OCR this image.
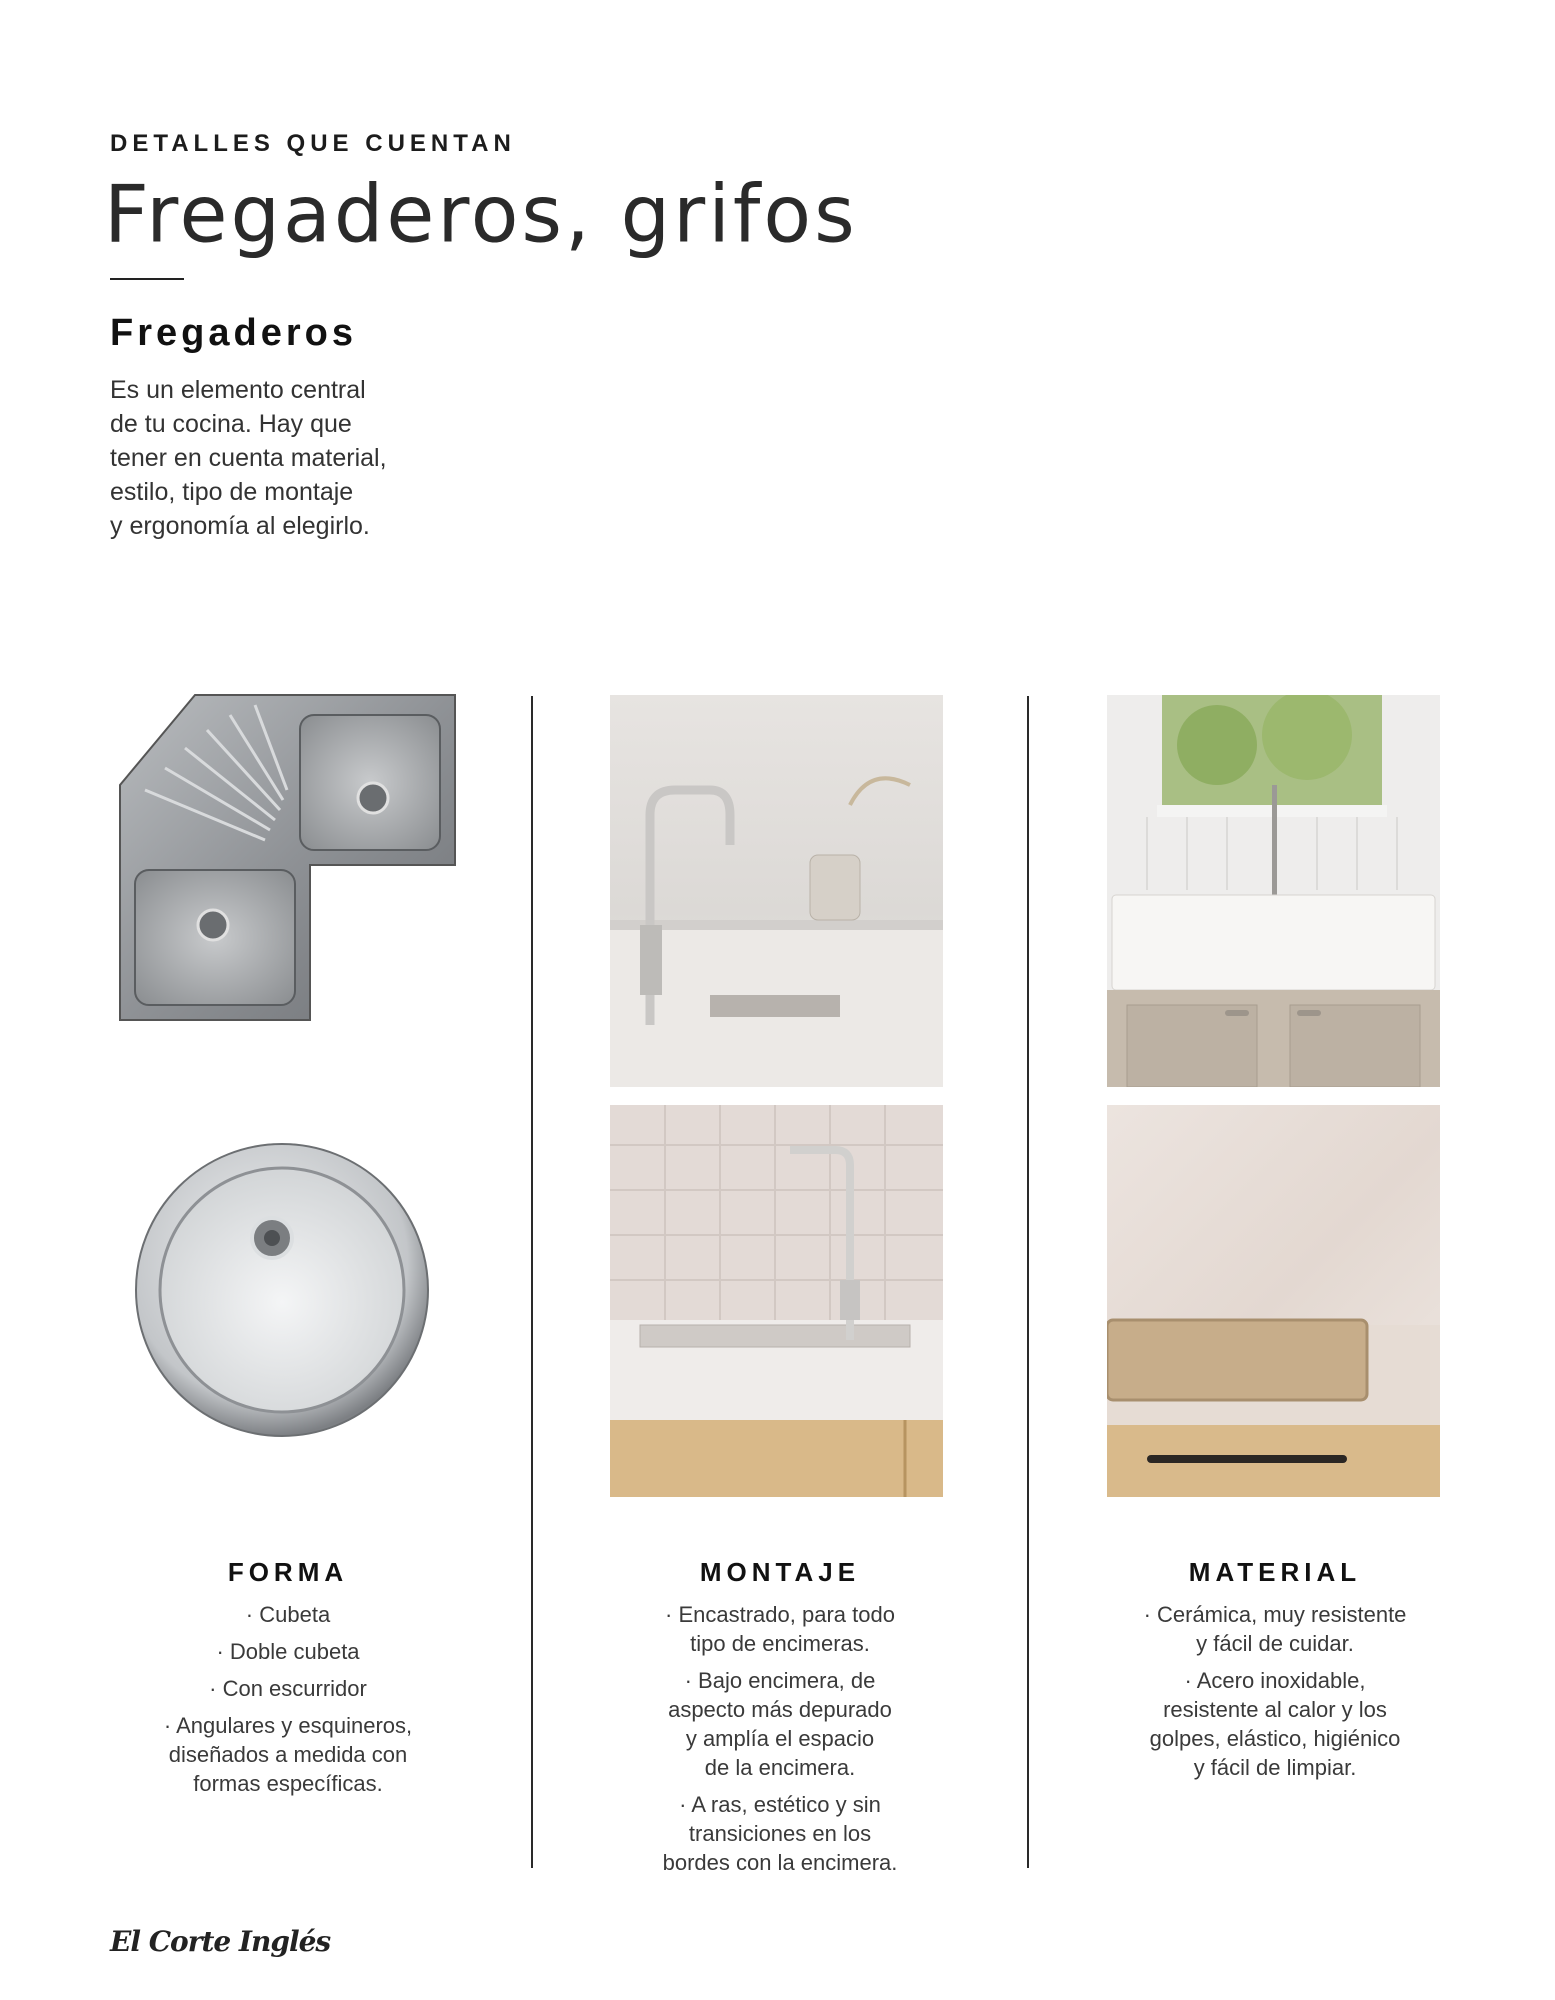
DETALLES QUE CUENTAN
Fregaderos, grifos
Fregaderos
Es un elemento central
de tu cocina. Hay que
tener en cuenta material,
estilo, tipo de montaje
y ergonomía al elegirlo.
FORMA
· Cubeta
· Doble cubeta
· Con escurridor
· Angulares y esquineros,
diseñados a medida con
formas específicas.
MONTAJE
· Encastrado, para todo
tipo de encimeras.
· Bajo encimera, de
aspecto más depurado
y amplía el espacio
de la encimera.
· A ras, estético y sin
transiciones en los
bordes con la encimera.
MATERIAL
· Cerámica, muy resistente
y fácil de cuidar.
· Acero inoxidable,
resistente al calor y los
golpes, elástico, higiénico
y fácil de limpiar.
El Corte Inglés
